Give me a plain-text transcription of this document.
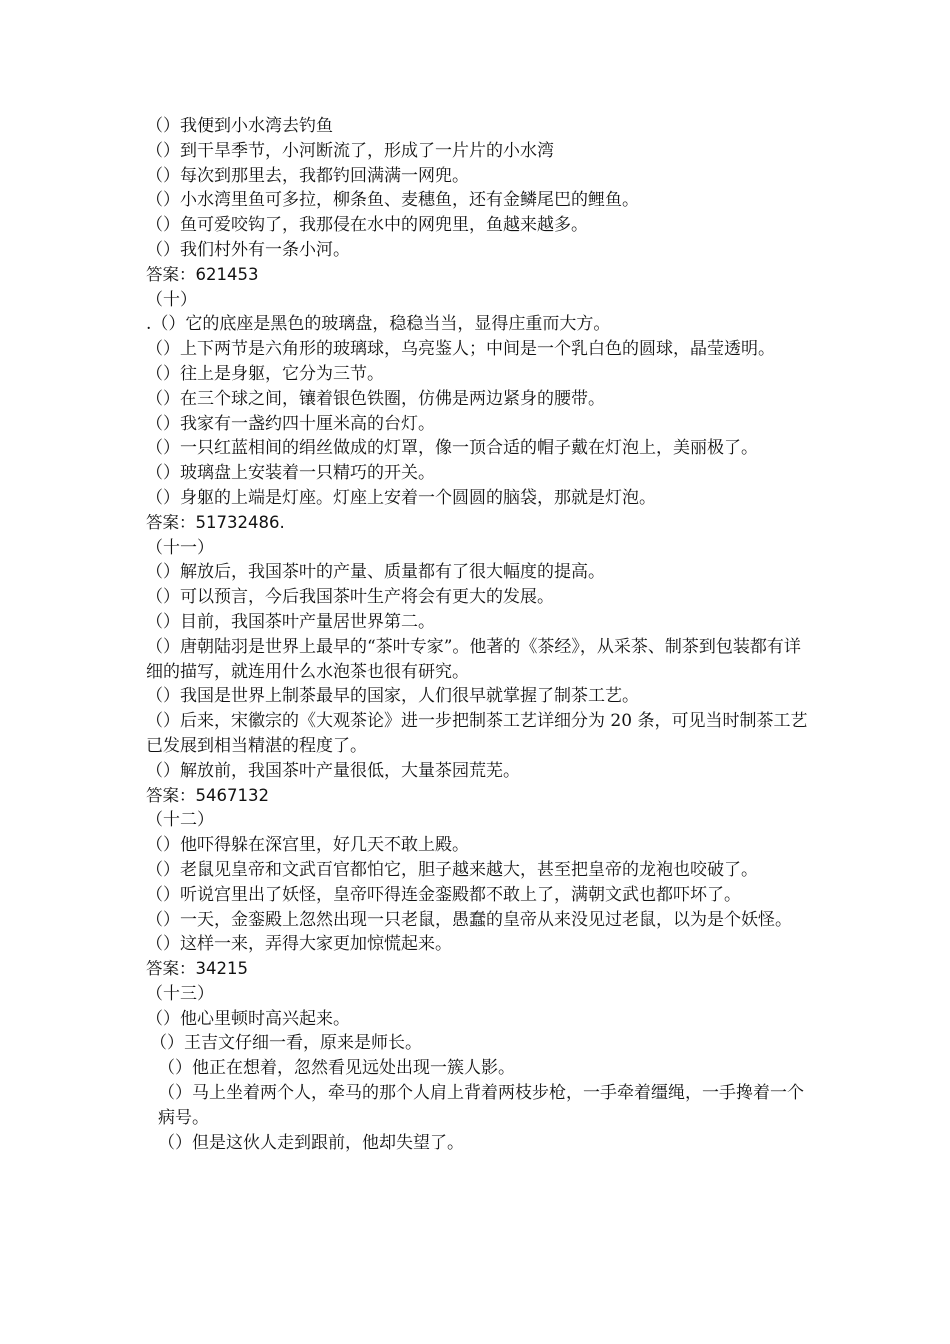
（）我便到小水湾去钓鱼
（）到干旱季节，小河断流了，形成了一片片的小水湾
（）每次到那里去，我都钓回满满一网兜。
（）小水湾里鱼可多拉，柳条鱼、麦穗鱼，还有金鳞尾巴的鲤鱼。
（）鱼可爱咬钩了，我那侵在水中的网兜里，鱼越来越多。
（）我们村外有一条小河。
答案：621453
（十）
.（）它的底座是黑色的玻璃盘，稳稳当当，显得庄重而大方。
（）上下两节是六角形的玻璃球，乌亮鉴人；中间是一个乳白色的圆球，晶莹透明。
（）往上是身躯，它分为三节。
（）在三个球之间，镶着银色铁圈，仿佛是两边紧身的腰带。
（）我家有一盏约四十厘米高的台灯。
（）一只红蓝相间的绢丝做成的灯罩，像一顶合适的帽子戴在灯泡上，美丽极了。
（）玻璃盘上安装着一只精巧的开关。
（）身躯的上端是灯座。灯座上安着一个圆圆的脑袋，那就是灯泡。
答案：51732486.
（十一）
（）解放后，我国茶叶的产量、质量都有了很大幅度的提高。
（）可以预言，今后我国茶叶生产将会有更大的发展。
（）目前，我国茶叶产量居世界第二。
（）唐朝陆羽是世界上最早的“茶叶专家”。他著的《茶经》，从采茶、制茶到包装都有详细的描写，就连用什么水泡茶也很有研究。
（）我国是世界上制茶最早的国家，人们很早就掌握了制茶工艺。
（）后来，宋徽宗的《大观茶论》进一步把制茶工艺详细分为 20 条，可见当时制茶工艺已发展到相当精湛的程度了。
（）解放前，我国茶叶产量很低，大量茶园荒芜。
答案：5467132
（十二）
（）他吓得躲在深宫里，好几天不敢上殿。
（）老鼠见皇帝和文武百官都怕它，胆子越来越大，甚至把皇帝的龙袍也咬破了。
（）听说宫里出了妖怪，皇帝吓得连金銮殿都不敢上了，满朝文武也都吓坏了。
（）一天，金銮殿上忽然出现一只老鼠，愚蠢的皇帝从来没见过老鼠，以为是个妖怪。
（）这样一来，弄得大家更加惊慌起来。
答案：34215
（十三）
（）他心里顿时高兴起来。
（）王吉文仔细一看，原来是师长。
（）他正在想着，忽然看见远处出现一簇人影。
（）马上坐着两个人，牵马的那个人肩上背着两枝步枪，一手牵着缰绳，一手搀着一个病号。
（）但是这伙人走到跟前，他却失望了。
